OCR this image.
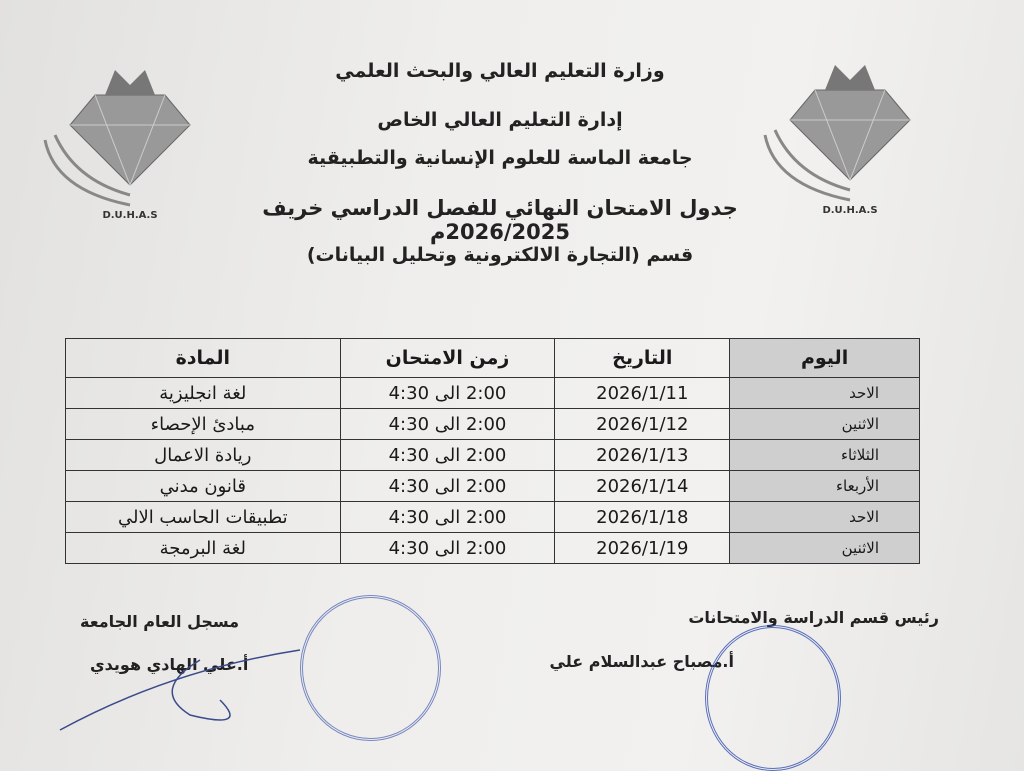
D.U.H.A.S	D.U.H.A.S
وزارة التعليم العالي والبحث العلمي
إدارة التعليم العالي الخاص
جامعة الماسة للعلوم الإنسانية والتطبيقية
جدول الامتحان النهائي للفصل الدراسي خريف 2026/2025م
قسم (التجارة الالكترونية وتحليل البيانات)
اليوم	التاريخ	زمن الامتحان	المادة
الاحد	2026/1/11	2:00 الى 4:30	لغة انجليزية
الاثنين	2026/1/12	2:00 الى 4:30	مبادئ الإحصاء
الثلاثاء	2026/1/13	2:00 الى 4:30	ريادة الاعمال
الأربعاء	2026/1/14	2:00 الى 4:30	قانون مدني
الاحد	2026/1/18	2:00 الى 4:30	تطبيقات الحاسب الالي
الاثنين	2026/1/19	2:00 الى 4:30	لغة البرمجة
رئيس قسم الدراسة والامتحانات
أ.مصباح عبدالسلام علي
مسجل العام الجامعة
أ.علي الهادي هويدي
